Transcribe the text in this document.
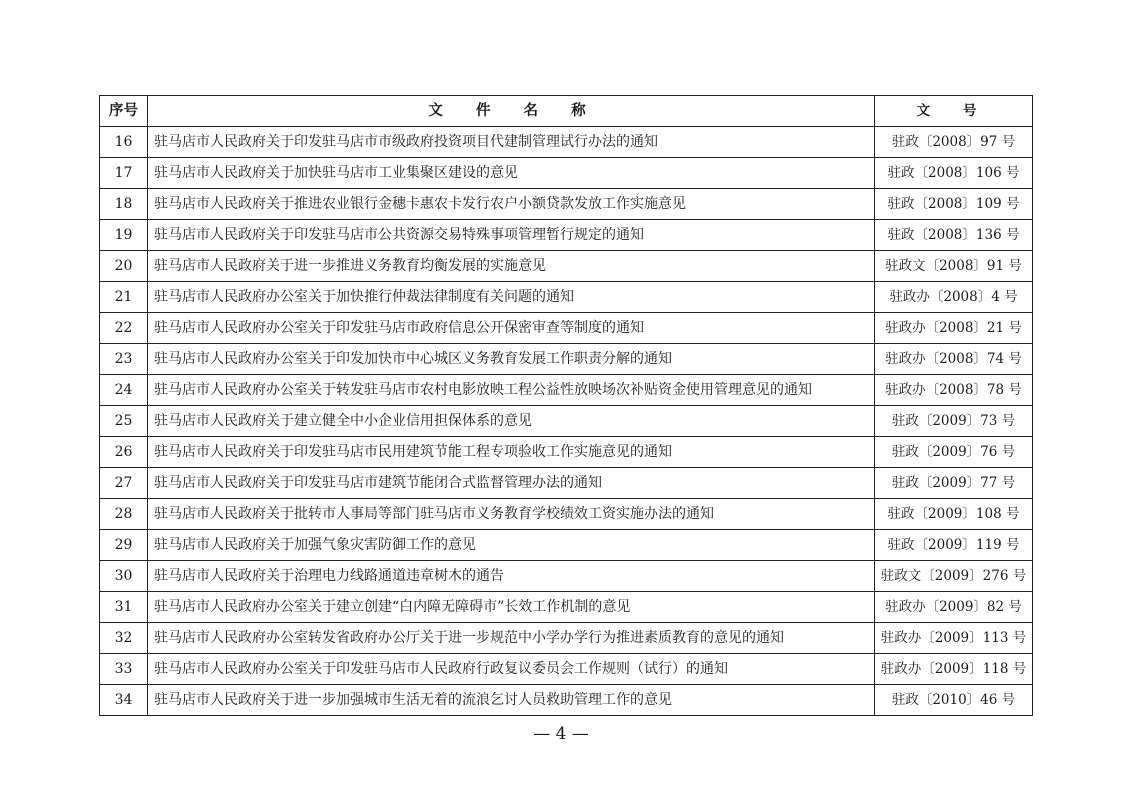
序号	文 件 名 称	文 号
16	驻马店市人民政府关于印发驻马店市市级政府投资项目代建制管理试行办法的通知	驻政〔2008〕97 号
17	驻马店市人民政府关于加快驻马店市工业集聚区建设的意见	驻政〔2008〕106 号
18	驻马店市人民政府关于推进农业银行金穗卡惠农卡发行农户小额贷款发放工作实施意见	驻政〔2008〕109 号
19	驻马店市人民政府关于印发驻马店市公共资源交易特殊事项管理暂行规定的通知	驻政〔2008〕136 号
20	驻马店市人民政府关于进一步推进义务教育均衡发展的实施意见	驻政文〔2008〕91 号
21	驻马店市人民政府办公室关于加快推行仲裁法律制度有关问题的通知	驻政办〔2008〕4 号
22	驻马店市人民政府办公室关于印发驻马店市政府信息公开保密审查等制度的通知	驻政办〔2008〕21 号
23	驻马店市人民政府办公室关于印发加快市中心城区义务教育发展工作职责分解的通知	驻政办〔2008〕74 号
24	驻马店市人民政府办公室关于转发驻马店市农村电影放映工程公益性放映场次补贴资金使用管理意见的通知	驻政办〔2008〕78 号
25	驻马店市人民政府关于建立健全中小企业信用担保体系的意见	驻政〔2009〕73 号
26	驻马店市人民政府关于印发驻马店市民用建筑节能工程专项验收工作实施意见的通知	驻政〔2009〕76 号
27	驻马店市人民政府关于印发驻马店市建筑节能闭合式监督管理办法的通知	驻政〔2009〕77 号
28	驻马店市人民政府关于批转市人事局等部门驻马店市义务教育学校绩效工资实施办法的通知	驻政〔2009〕108 号
29	驻马店市人民政府关于加强气象灾害防御工作的意见	驻政〔2009〕119 号
30	驻马店市人民政府关于治理电力线路通道违章树木的通告	驻政文〔2009〕276 号
31	驻马店市人民政府办公室关于建立创建“白内障无障碍市”长效工作机制的意见	驻政办〔2009〕82 号
32	驻马店市人民政府办公室转发省政府办公厅关于进一步规范中小学办学行为推进素质教育的意见的通知	驻政办〔2009〕113 号
33	驻马店市人民政府办公室关于印发驻马店市人民政府行政复议委员会工作规则（试行）的通知	驻政办〔2009〕118 号
34	驻马店市人民政府关于进一步加强城市生活无着的流浪乞讨人员救助管理工作的意见	驻政〔2010〕46 号
— 4 —
